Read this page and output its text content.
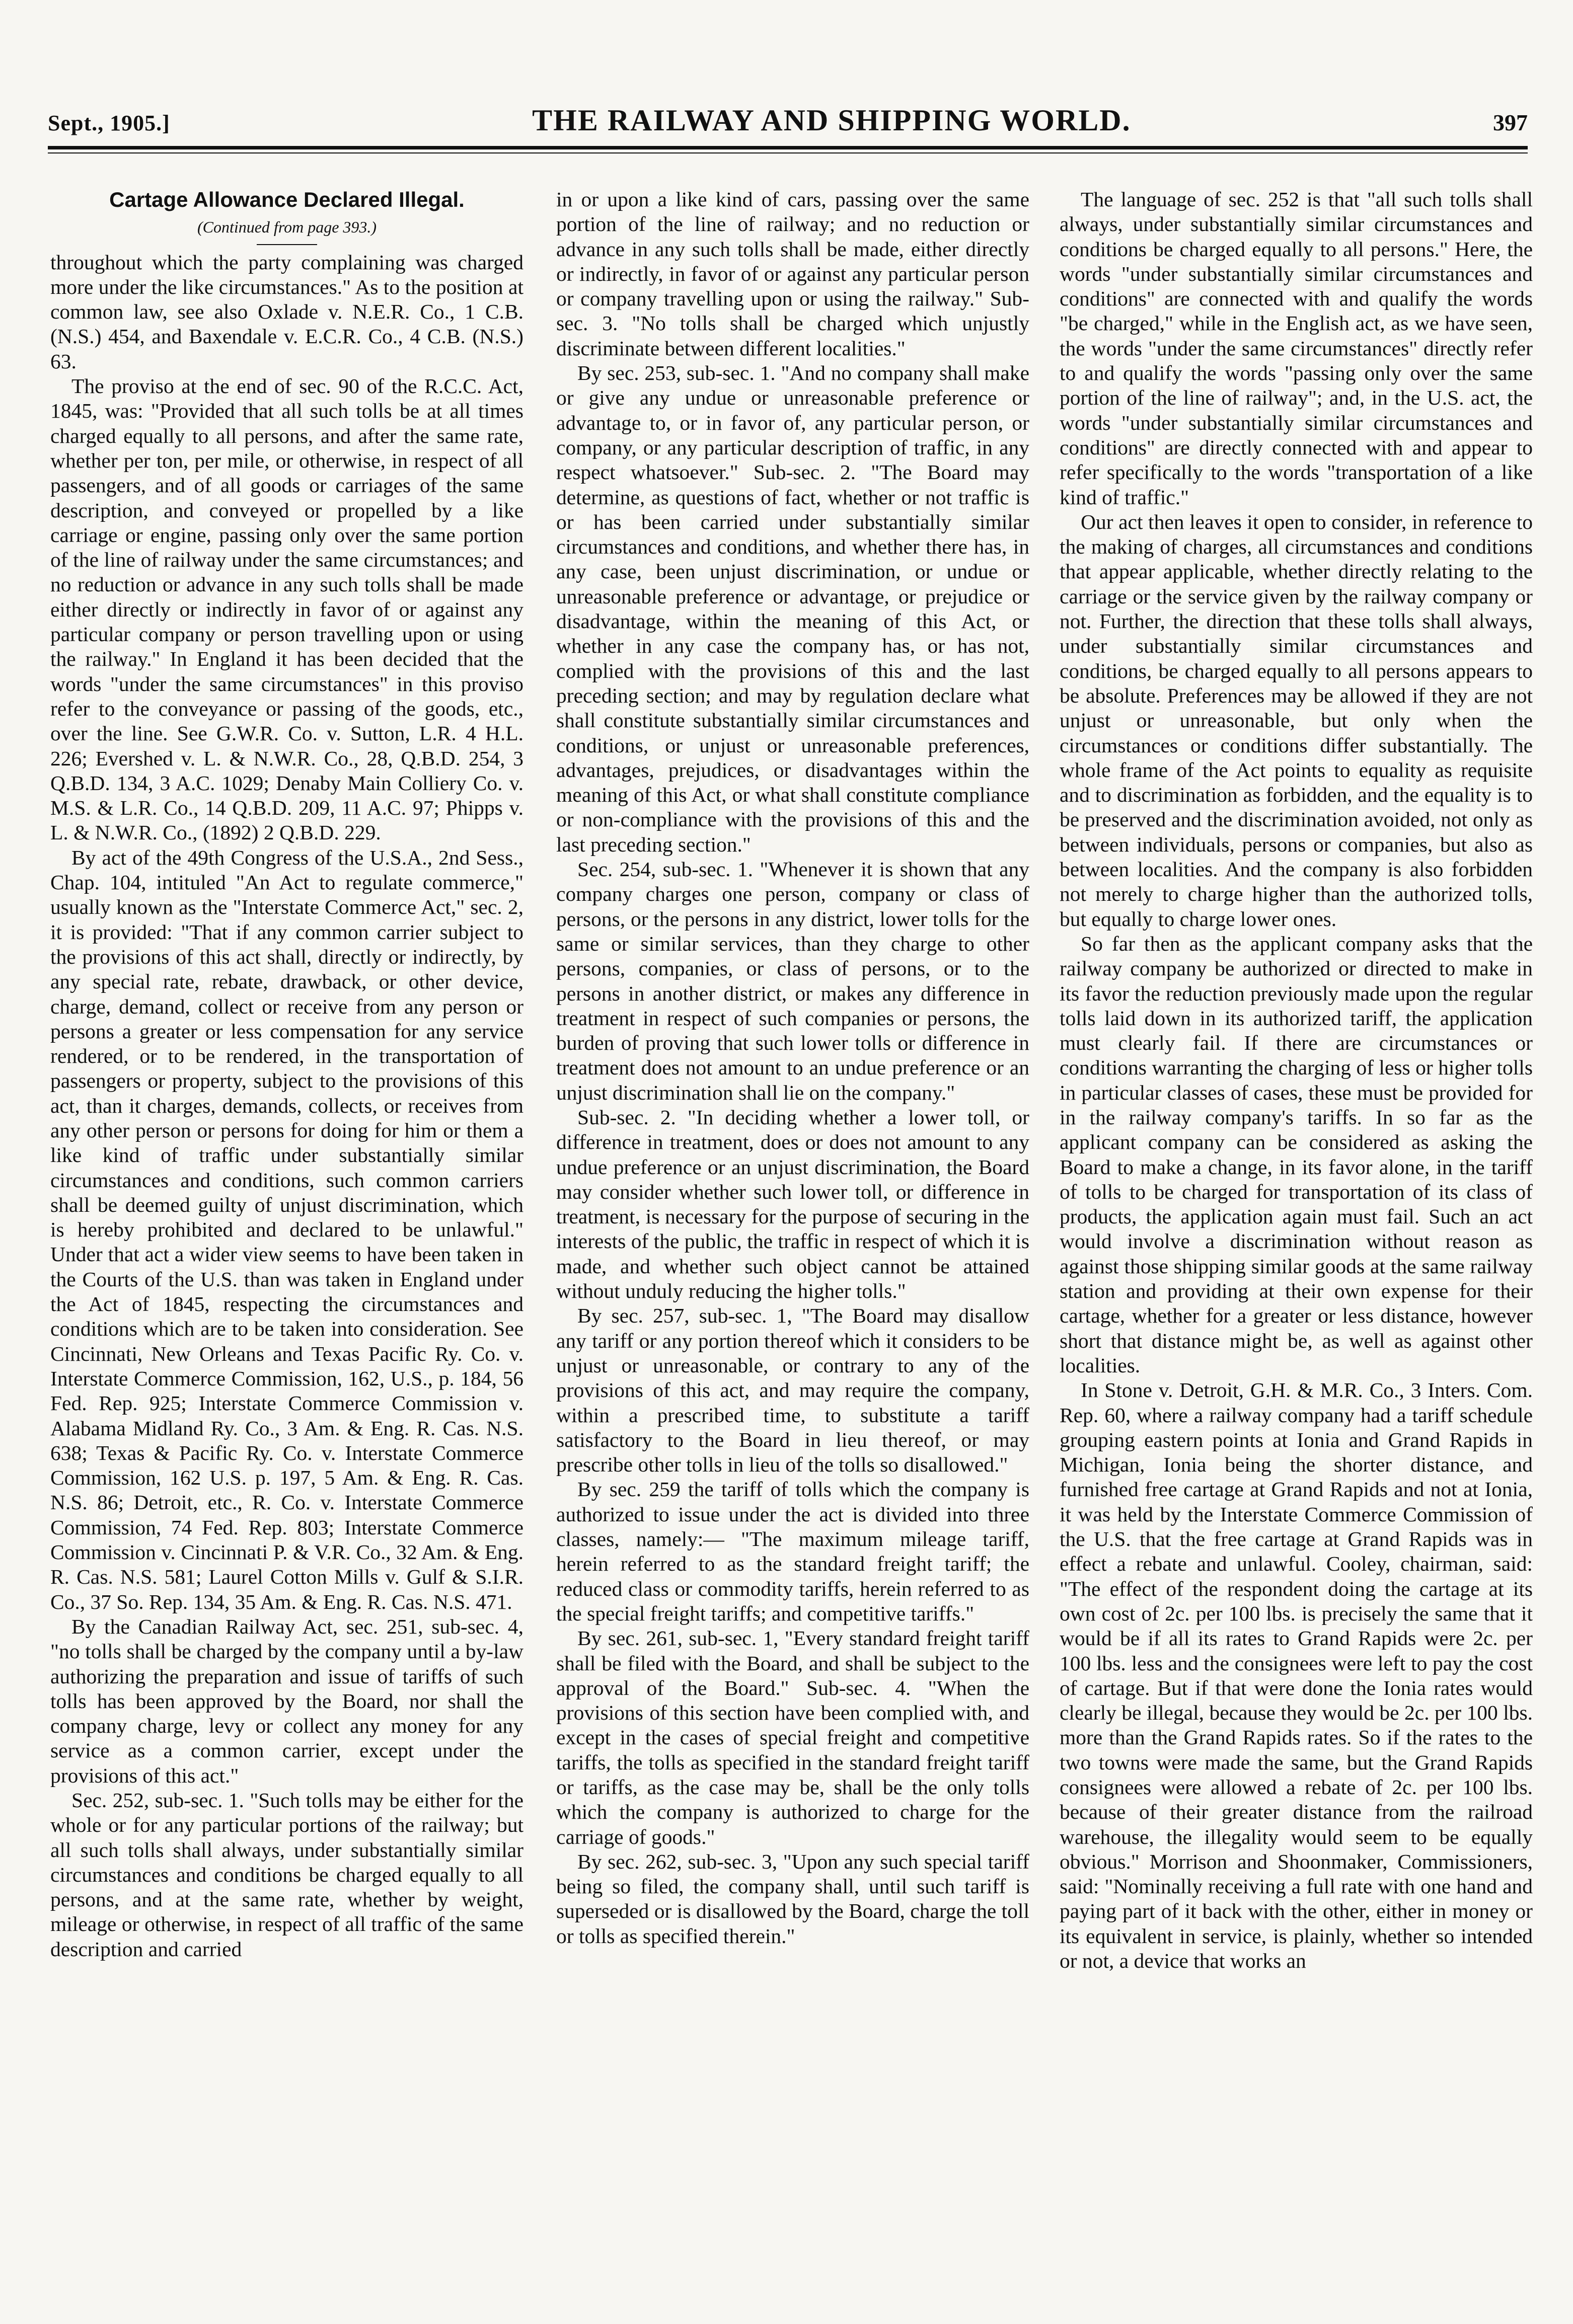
Sept., 1905.]	THE RAILWAY AND SHIPPING WORLD.	397
Cartage Allowance Declared Illegal.
(Continued from page 393.)

throughout which the party complaining was charged more under the like circumstances." As to the position at common law, see also Oxlade v. N.E.R. Co., 1 C.B. (N.S.) 454, and Baxendale v. E.C.R. Co., 4 C.B. (N.S.) 63.

The proviso at the end of sec. 90 of the R.C.C. Act, 1845, was: "Provided that all such tolls be at all times charged equally to all persons, and after the same rate, whether per ton, per mile, or otherwise, in respect of all passengers, and of all goods or carriages of the same description, and conveyed or propelled by a like carriage or engine, passing only over the same portion of the line of railway under the same circumstances; and no reduction or advance in any such tolls shall be made either directly or indirectly in favor of or against any particular company or person travelling upon or using the railway." In England it has been decided that the words "under the same circumstances" in this proviso refer to the conveyance or passing of the goods, etc., over the line. See G.W.R. Co. v. Sutton, L.R. 4 H.L. 226; Evershed v. L. & N.W.R. Co., 28, Q.B.D. 254, 3 Q.B.D. 134, 3 A.C. 1029; Denaby Main Colliery Co. v. M.S. & L.R. Co., 14 Q.B.D. 209, 11 A.C. 97; Phipps v. L. & N.W.R. Co., (1892) 2 Q.B.D. 229.

By act of the 49th Congress of the U.S.A., 2nd Sess., Chap. 104, intituled "An Act to regulate commerce," usually known as the "Interstate Commerce Act," sec. 2, it is provided: "That if any common carrier subject to the provisions of this act shall, directly or indirectly, by any special rate, rebate, drawback, or other device, charge, demand, collect or receive from any person or persons a greater or less compensation for any service rendered, or to be rendered, in the transportation of passengers or property, subject to the provisions of this act, than it charges, demands, collects, or receives from any other person or persons for doing for him or them a like kind of traffic under substantially similar circumstances and conditions, such common carriers shall be deemed guilty of unjust discrimination, which is hereby prohibited and declared to be unlawful." Under that act a wider view seems to have been taken in the Courts of the U.S. than was taken in England under the Act of 1845, respecting the circumstances and conditions which are to be taken into consideration. See Cincinnati, New Orleans and Texas Pacific Ry. Co. v. Interstate Commerce Commission, 162, U.S., p. 184, 56 Fed. Rep. 925; Interstate Commerce Commission v. Alabama Midland Ry. Co., 3 Am. & Eng. R. Cas. N.S. 638; Texas & Pacific Ry. Co. v. Interstate Commerce Commission, 162 U.S. p. 197, 5 Am. & Eng. R. Cas. N.S. 86; Detroit, etc., R. Co. v. Interstate Commerce Commission, 74 Fed. Rep. 803; Interstate Commerce Commission v. Cincinnati P. & V.R. Co., 32 Am. & Eng. R. Cas. N.S. 581; Laurel Cotton Mills v. Gulf & S.I.R. Co., 37 So. Rep. 134, 35 Am. & Eng. R. Cas. N.S. 471.

By the Canadian Railway Act, sec. 251, sub-sec. 4, "no tolls shall be charged by the company until a by-law authorizing the preparation and issue of tariffs of such tolls has been approved by the Board, nor shall the company charge, levy or collect any money for any service as a common carrier, except under the provisions of this act."

Sec. 252, sub-sec. 1. "Such tolls may be either for the whole or for any particular portions of the railway; but all such tolls shall always, under substantially similar circumstances and conditions be charged equally to all persons, and at the same rate, whether by weight, mileage or otherwise, in respect of all traffic of the same description and carried

in or upon a like kind of cars, passing over the same portion of the line of railway; and no reduction or advance in any such tolls shall be made, either directly or indirectly, in favor of or against any particular person or company travelling upon or using the railway." Sub-sec. 3. "No tolls shall be charged which unjustly discriminate between different localities."

By sec. 253, sub-sec. 1. "And no company shall make or give any undue or unreasonable preference or advantage to, or in favor of, any particular person, or company, or any particular description of traffic, in any respect whatsoever." Sub-sec. 2. "The Board may determine, as questions of fact, whether or not traffic is or has been carried under substantially similar circumstances and conditions, and whether there has, in any case, been unjust discrimination, or undue or unreasonable preference or advantage, or prejudice or disadvantage, within the meaning of this Act, or whether in any case the company has, or has not, complied with the provisions of this and the last preceding section; and may by regulation declare what shall constitute substantially similar circumstances and conditions, or unjust or unreasonable preferences, advantages, prejudices, or disadvantages within the meaning of this Act, or what shall constitute compliance or non-compliance with the provisions of this and the last preceding section."

Sec. 254, sub-sec. 1. "Whenever it is shown that any company charges one person, company or class of persons, or the persons in any district, lower tolls for the same or similar services, than they charge to other persons, companies, or class of persons, or to the persons in another district, or makes any difference in treatment in respect of such companies or persons, the burden of proving that such lower tolls or difference in treatment does not amount to an undue preference or an unjust discrimination shall lie on the company."

Sub-sec. 2. "In deciding whether a lower toll, or difference in treatment, does or does not amount to any undue preference or an unjust discrimination, the Board may consider whether such lower toll, or difference in treatment, is necessary for the purpose of securing in the interests of the public, the traffic in respect of which it is made, and whether such object cannot be attained without unduly reducing the higher tolls."

By sec. 257, sub-sec. 1, "The Board may disallow any tariff or any portion thereof which it considers to be unjust or unreasonable, or contrary to any of the provisions of this act, and may require the company, within a prescribed time, to substitute a tariff satisfactory to the Board in lieu thereof, or may prescribe other tolls in lieu of the tolls so disallowed."

By sec. 259 the tariff of tolls which the company is authorized to issue under the act is divided into three classes, namely:— "The maximum mileage tariff, herein referred to as the standard freight tariff; the reduced class or commodity tariffs, herein referred to as the special freight tariffs; and competitive tariffs."

By sec. 261, sub-sec. 1, "Every standard freight tariff shall be filed with the Board, and shall be subject to the approval of the Board." Sub-sec. 4. "When the provisions of this section have been complied with, and except in the cases of special freight and competitive tariffs, the tolls as specified in the standard freight tariff or tariffs, as the case may be, shall be the only tolls which the company is authorized to charge for the carriage of goods."

By sec. 262, sub-sec. 3, "Upon any such special tariff being so filed, the company shall, until such tariff is superseded or is disallowed by the Board, charge the toll or tolls as specified therein."

The language of sec. 252 is that "all such tolls shall always, under substantially similar circumstances and conditions be charged equally to all persons." Here, the words "under substantially similar circumstances and conditions" are connected with and qualify the words "be charged," while in the English act, as we have seen, the words "under the same circumstances" directly refer to and qualify the words "passing only over the same portion of the line of railway"; and, in the U.S. act, the words "under substantially similar circumstances and conditions" are directly connected with and appear to refer specifically to the words "transportation of a like kind of traffic."

Our act then leaves it open to consider, in reference to the making of charges, all circumstances and conditions that appear applicable, whether directly relating to the carriage or the service given by the railway company or not. Further, the direction that these tolls shall always, under substantially similar circumstances and conditions, be charged equally to all persons appears to be absolute. Preferences may be allowed if they are not unjust or unreasonable, but only when the circumstances or conditions differ substantially. The whole frame of the Act points to equality as requisite and to discrimination as forbidden, and the equality is to be preserved and the discrimination avoided, not only as between individuals, persons or companies, but also as between localities. And the company is also forbidden not merely to charge higher than the authorized tolls, but equally to charge lower ones.

So far then as the applicant company asks that the railway company be authorized or directed to make in its favor the reduction previously made upon the regular tolls laid down in its authorized tariff, the application must clearly fail. If there are circumstances or conditions warranting the charging of less or higher tolls in particular classes of cases, these must be provided for in the railway company's tariffs. In so far as the applicant company can be considered as asking the Board to make a change, in its favor alone, in the tariff of tolls to be charged for transportation of its class of products, the application again must fail. Such an act would involve a discrimination without reason as against those shipping similar goods at the same railway station and providing at their own expense for their cartage, whether for a greater or less distance, however short that distance might be, as well as against other localities.

In Stone v. Detroit, G.H. & M.R. Co., 3 Inters. Com. Rep. 60, where a railway company had a tariff schedule grouping eastern points at Ionia and Grand Rapids in Michigan, Ionia being the shorter distance, and furnished free cartage at Grand Rapids and not at Ionia, it was held by the Interstate Commerce Commission of the U.S. that the free cartage at Grand Rapids was in effect a rebate and unlawful. Cooley, chairman, said: "The effect of the respondent doing the cartage at its own cost of 2c. per 100 lbs. is precisely the same that it would be if all its rates to Grand Rapids were 2c. per 100 lbs. less and the consignees were left to pay the cost of cartage. But if that were done the Ionia rates would clearly be illegal, because they would be 2c. per 100 lbs. more than the Grand Rapids rates. So if the rates to the two towns were made the same, but the Grand Rapids consignees were allowed a rebate of 2c. per 100 lbs. because of their greater distance from the railroad warehouse, the illegality would seem to be equally obvious." Morrison and Shoonmaker, Commissioners, said: "Nominally receiving a full rate with one hand and paying part of it back with the other, either in money or its equivalent in service, is plainly, whether so intended or not, a device that works an
